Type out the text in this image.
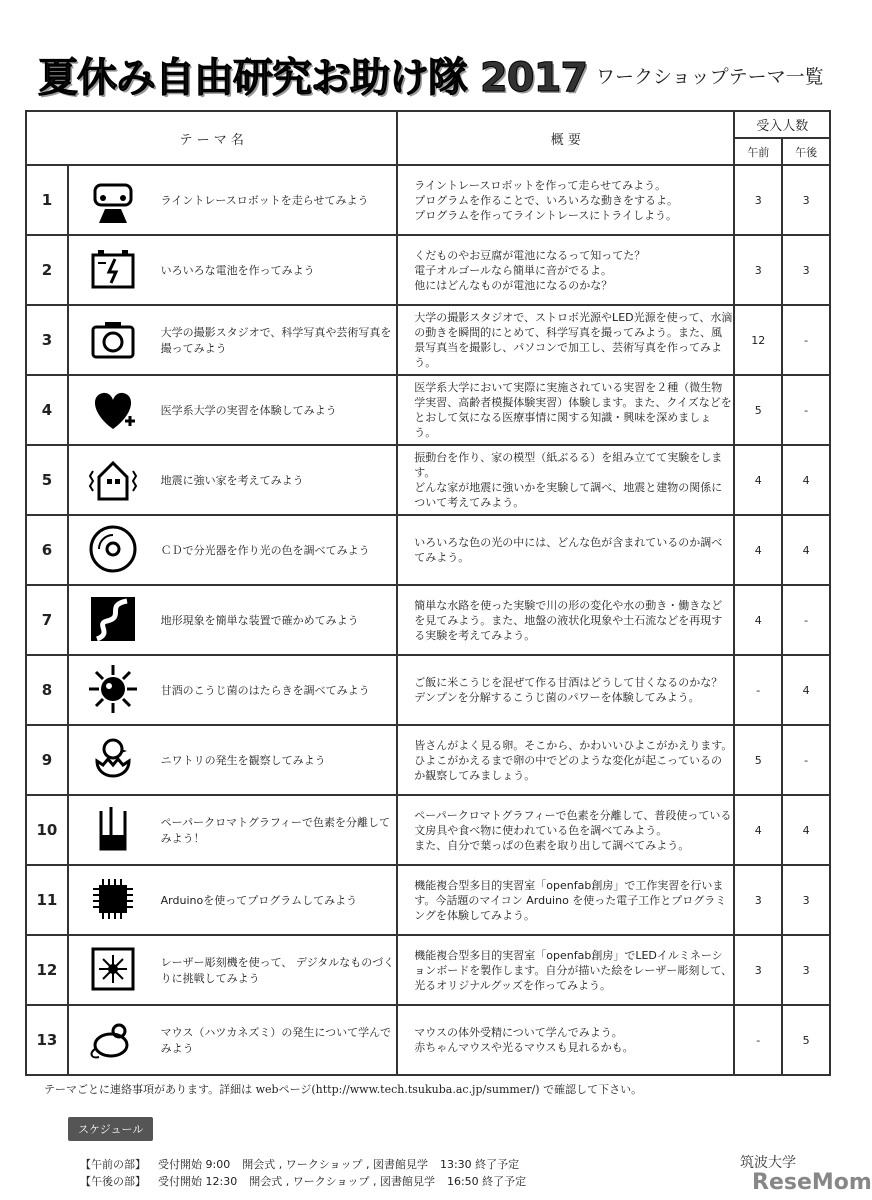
夏休み自由研究お助け隊 2017 ワークショップテーマ一覧
テ ー マ 名			概 要	受入人数	
				午前	午後
1		ライントレースロボットを走らせてみよう	ライントレースロボットを作って走らせてみよう。
プログラムを作ることで、いろいろな動きをするよ。
プログラムを作ってライントレースにトライしよう。	3	3
2		いろいろな電池を作ってみよう	くだものやお豆腐が電池になるって知ってた？
電子オルゴールなら簡単に音がでるよ。
他にはどんなものが電池になるのかな？	3	3
3		大学の撮影スタジオで、科学写真や芸術写真を撮ってみよう	大学の撮影スタジオで、ストロボ光源やLED光源を使って、水滴の動きを瞬間的にとめて、科学写真を撮ってみよう。また、風景写真当を撮影し、パソコンで加工し、芸術写真を作ってみよう。	12	-
4		医学系大学の実習を体験してみよう	医学系大学において実際に実施されている実習を２種（微生物学実習、高齢者模擬体験実習）体験します。また、クイズなどをとおして気になる医療事情に関する知識・興味を深めましょう。	5	-
5		地震に強い家を考えてみよう	振動台を作り、家の模型（紙ぶるる）を組み立てて実験をします。
どんな家が地震に強いかを実験して調べ、地震と建物の関係について考えてみよう。	4	4
6		ＣＤで分光器を作り光の色を調べてみよう	いろいろな色の光の中には、どんな色が含まれているのか調べてみよう。	4	4
7		地形現象を簡単な装置で確かめてみよう	簡単な水路を使った実験で川の形の変化や水の動き・働きなどを見てみよう。また、地盤の液状化現象や土石流などを再現する実験を考えてみよう。	4	-
8		甘酒のこうじ菌のはたらきを調べてみよう	ご飯に米こうじを混ぜて作る甘酒はどうして甘くなるのかな？デンプンを分解するこうじ菌のパワーを体験してみよう。	-	4
9		ニワトリの発生を観察してみよう	皆さんがよく見る卵。そこから、かわいいひよこがかえります。ひよこがかえるまで卵の中でどのような変化が起こっているのか観察してみましょう。	5	-
10		ペーパークロマトグラフィーで色素を分離してみよう！	ペーパークロマトグラフィーで色素を分離して、普段使っている文房具や食べ物に使われている色を調べてみよう。
また、自分で葉っぱの色素を取り出して調べてみよう。	4	4
11		Arduinoを使ってプログラムしてみよう	機能複合型多目的実習室「openfab創房」で工作実習を行います。今話題のマイコン Arduino を使った電子工作とプログラミングを体験してみよう。	3	3
12		レーザー彫刻機を使って、 デジタルなものづくりに挑戦してみよう	機能複合型多目的実習室「openfab創房」でLEDイルミネーションボードを製作します。自分が描いた絵をレーザー彫刻して、光るオリジナルグッズを作ってみよう。	3	3
13		マウス（ハツカネズミ）の発生について学んでみよう	マウスの体外受精について学んでみよう。
赤ちゃんマウスや光るマウスも見れるかも。	-	5
テーマごとに連絡事項があります。詳細は webページ(http://www.tech.tsukuba.ac.jp/summer/) で確認して下さい。
スケジュール
【午前の部】 受付開始 9:00 開会式 , ワークショップ , 図書館見学 13:30 終了予定
【午後の部】 受付開始 12:30 開会式 , ワークショップ , 図書館見学 16:50 終了予定
筑波大学
ReseMom
